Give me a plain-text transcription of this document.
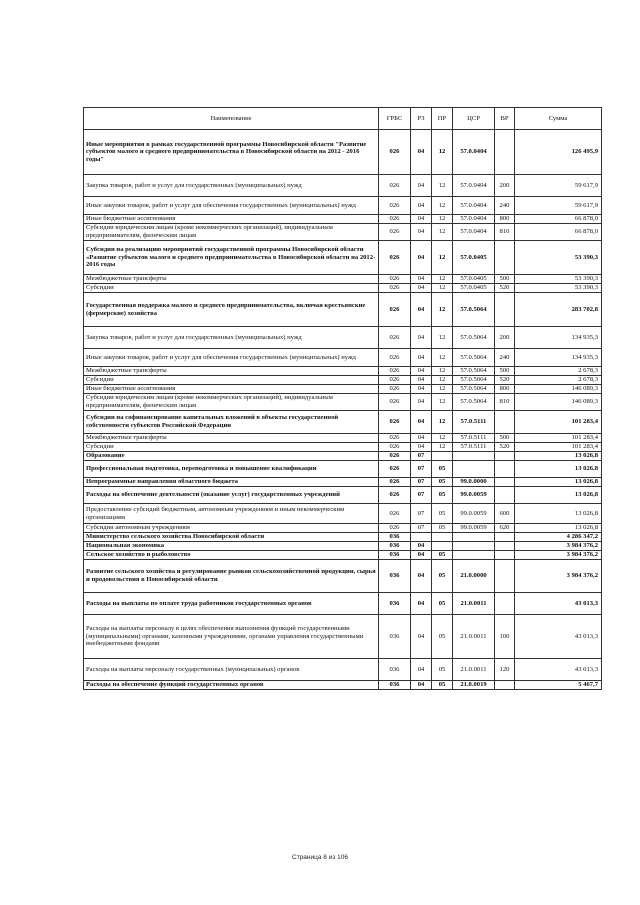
Наименование	ГРБС	РЗ	ПР	ЦСР	ВР	Сумма
Иные мероприятия в рамках государственной программы Новосибирской области "Развитие субъектов малого и среднего предпринимательства в Новосибирской области на 2012 - 2016 годы"	026	04	12	57.0.0404		126 495,9
Закупка товаров, работ и услуг для государственных (муниципальных) нужд	026	04	12	57.0.0404	200	59 617,9
Иные закупки товаров, работ и услуг для обеспечения государственных (муниципальных) нужд	026	04	12	57.0.0404	240	59 617,9
Иные бюджетные ассигнования	026	04	12	57.0.0404	800	66 878,0
Субсидии юридическим лицам (кроме некоммерческих организаций), индивидуальным предпринимателям, физическим лицам	026	04	12	57.0.0404	810	66 878,0
Субсидии на реализацию мероприятий государственной программы Новосибирской области «Развитие субъектов малого и среднего предпринимательства в Новосибирской области на 2012-2016 годы	026	04	12	57.0.0405		53 390,3
Межбюджетные трансферты	026	04	12	57.0.0405	500	53 390,3
Субсидии	026	04	12	57.0.0405	520	53 390,3
Государственная поддержка малого и среднего предпринимательства, включая крестьянские (фермерские) хозяйства	026	04	12	57.0.5064		283 702,8
Закупка товаров, работ и услуг для государственных (муниципальных) нужд	026	04	12	57.0.5064	200	134 935,3
Иные закупки товаров, работ и услуг для обеспечения государственных (муниципальных) нужд	026	04	12	57.0.5064	240	134 935,3
Межбюджетные трансферты	026	04	12	57.0.5064	500	2 678,3
Субсидии	026	04	12	57.0.5064	520	2 678,3
Иные бюджетные ассигнования	026	04	12	57.0.5064	800	146 089,3
Субсидии юридическим лицам (кроме некоммерческих организаций), индивидуальным предпринимателям, физическим лицам	026	04	12	57.0.5064	810	146 089,3
Субсидии на софинансирование капитальных вложений в объекты государственной собственности субъектов Российской Федерации	026	04	12	57.0.5111		101 283,4
Межбюджетные трансферты	026	04	12	57.0.5111	500	101 283,4
Субсидии	026	04	12	57.0.5111	520	101 283,4
Образование	026	07				13 026,8
Профессиональная подготовка, переподготовка и повышение квалификации	026	07	05			13 026,8
Непрограммные направления областного бюджета	026	07	05	99.0.0000		13 026,8
Расходы на обеспечение деятельности (оказание услуг) государственных учреждений	026	07	05	99.0.0059		13 026,8
Предоставление субсидий бюджетным, автономным учреждениям и иным некоммерческим организациям	026	07	05	99.0.0059	600	13 026,8
Субсидии автономным учреждениям	026	07	05	99.0.0059	620	13 026,8
Министерство сельского хозяйства Новосибирской области	036					4 286 347,2
Национальная экономика	036	04				3 984 376,2
Сельское хозяйство и рыболовство	036	04	05			3 984 376,2
Развитие сельского хозяйства и регулирование рынков сельскохозяйственной продукции, сырья и продовольствия в Новосибирской области	036	04	05	21.0.0000		3 984 376,2
Расходы на выплаты по оплате труда работников государственных органов	036	04	05	21.0.0011		43 013,3
Расходы на выплаты персоналу в целях обеспечения выполнения функций государственными (муниципальными) органами, казенными учреждениями, органами управления государственными внебюджетными фондами	036	04	05	21.0.0011	100	43 013,3
Расходы на выплаты персоналу государственных (муниципальных) органов	036	04	05	21.0.0011	120	43 013,3
Расходы на обеспечение функций государственных органов	036	04	05	21.0.0019		5 467,7
Страница 8 из 106
